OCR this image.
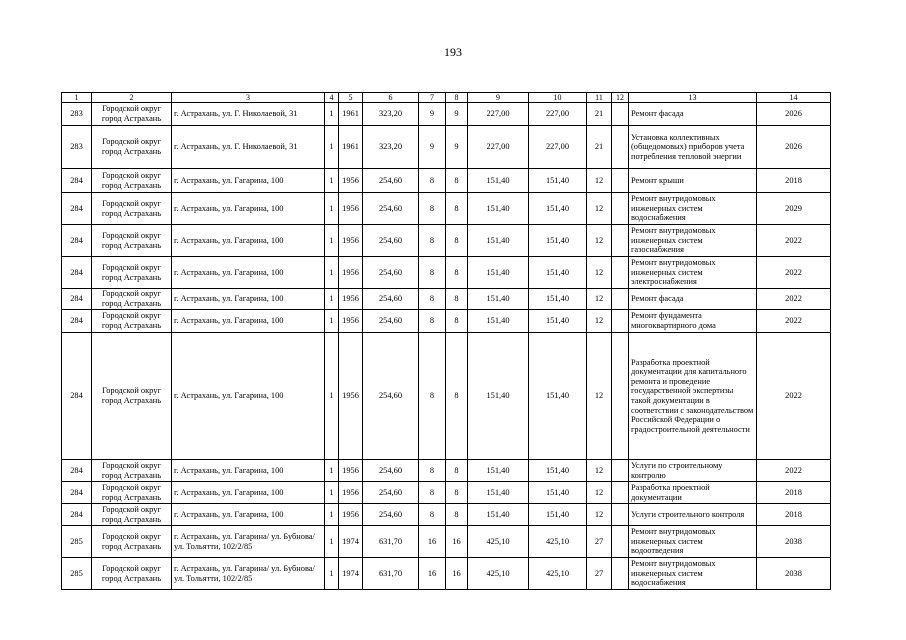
193
1	2	3	4	5	6	7	8	9	10	11	12	13	14
283	Городской округ город Астрахань	г. Астрахань, ул. Г. Николаевой, 31	1	1961	323,20	9	9	227,00	227,00	21		Ремонт фасада	2026
283	Городской округ город Астрахань	г. Астрахань, ул. Г. Николаевой, 31	1	1961	323,20	9	9	227,00	227,00	21		Установка коллективных (общедомовых) приборов учета потребления тепловой энергии	2026
284	Городской округ город Астрахань	г. Астрахань, ул. Гагарина, 100	1	1956	254,60	8	8	151,40	151,40	12		Ремонт крыши	2018
284	Городской округ город Астрахань	г. Астрахань, ул. Гагарина, 100	1	1956	254,60	8	8	151,40	151,40	12		Ремонт внутридомовых инженерных систем водоснабжения	2029
284	Городской округ город Астрахань	г. Астрахань, ул. Гагарина, 100	1	1956	254,60	8	8	151,40	151,40	12		Ремонт внутридомовых инженерных систем газоснабжения	2022
284	Городской округ город Астрахань	г. Астрахань, ул. Гагарина, 100	1	1956	254,60	8	8	151,40	151,40	12		Ремонт внутридомовых инженерных систем электроснабжения	2022
284	Городской округ город Астрахань	г. Астрахань, ул. Гагарина, 100	1	1956	254,60	8	8	151,40	151,40	12		Ремонт фасада	2022
284	Городской округ город Астрахань	г. Астрахань, ул. Гагарина, 100	1	1956	254,60	8	8	151,40	151,40	12		Ремонт фундамента многоквартирного дома	2022
284	Городской округ город Астрахань	г. Астрахань, ул. Гагарина, 100	1	1956	254,60	8	8	151,40	151,40	12		Разработка проектной документации для капитального ремонта и проведение государственной экспертизы такой документации в соответствии с законодательством Российской Федерации о градостроительной деятельности	2022
284	Городской округ город Астрахань	г. Астрахань, ул. Гагарина, 100	1	1956	254,60	8	8	151,40	151,40	12		Услуги по строительному контролю	2022
284	Городской округ город Астрахань	г. Астрахань, ул. Гагарина, 100	1	1956	254,60	8	8	151,40	151,40	12		Разработка проектной документации	2018
284	Городской округ город Астрахань	г. Астрахань, ул. Гагарина, 100	1	1956	254,60	8	8	151,40	151,40	12		Услуги строительного контроля	2018
285	Городской округ город Астрахань	г. Астрахань, ул. Гагарина/ ул. Бубнова/ ул. Тольятти, 102/2/85	1	1974	631,70	16	16	425,10	425,10	27		Ремонт внутридомовых инженерных систем водоотведения	2038
285	Городской округ город Астрахань	г. Астрахань, ул. Гагарина/ ул. Бубнова/ ул. Тольятти, 102/2/85	1	1974	631,70	16	16	425,10	425,10	27		Ремонт внутридомовых инженерных систем водоснабжения	2038
